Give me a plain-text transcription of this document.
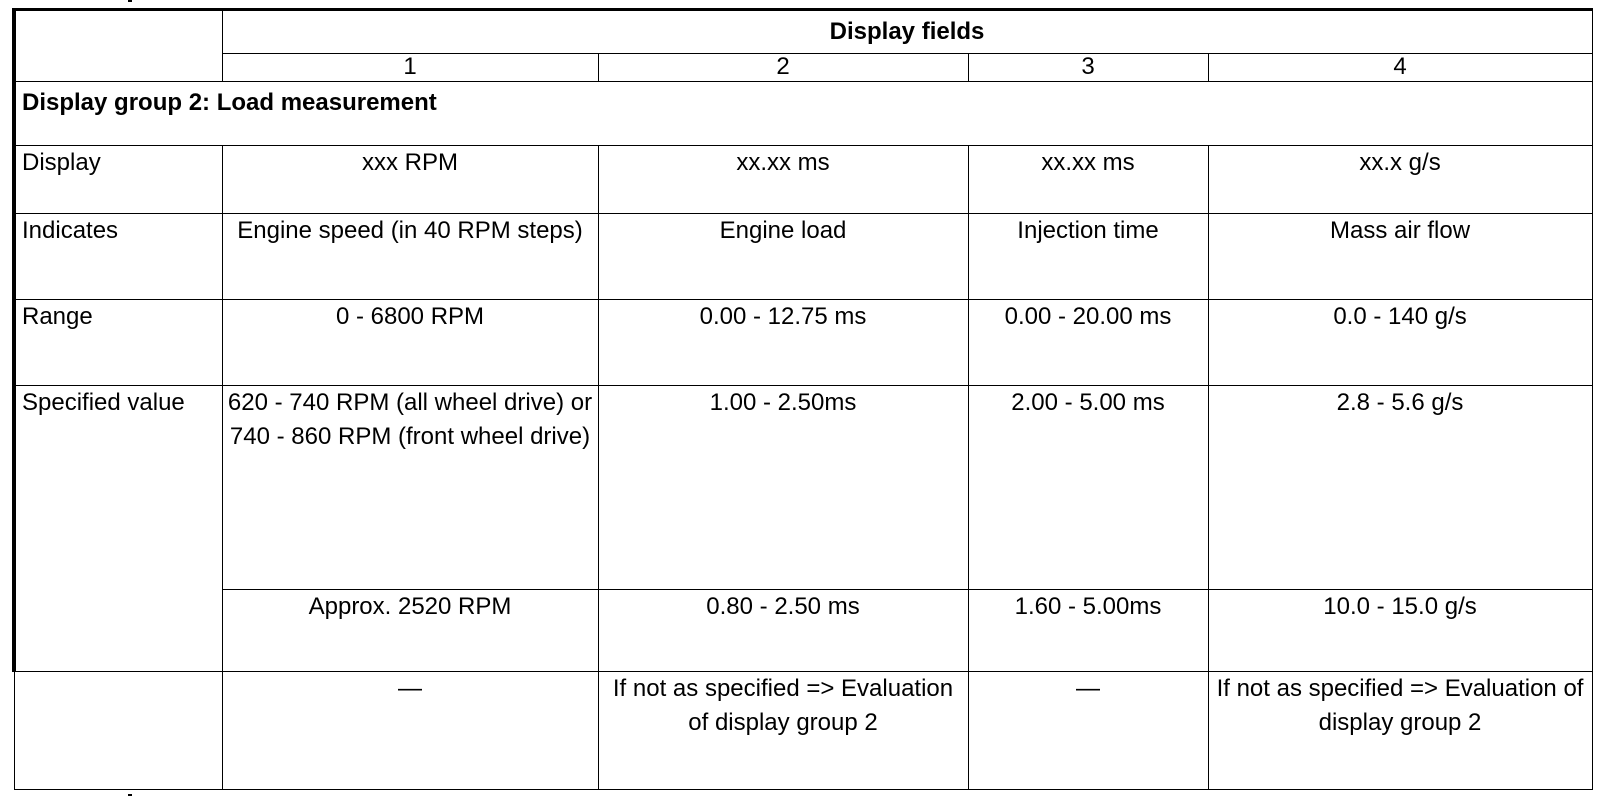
	Display fields			
	1	2	3	4
Display group 2: Load measurement				
Display	xxx RPM	xx.xx ms	xx.xx ms	xx.x g/s
Indicates	Engine speed (in 40 RPM steps)	Engine load	Injection time	Mass air flow
Range	0 - 6800 RPM	0.00 - 12.75 ms	0.00 - 20.00 ms	0.0 - 140 g/s
Specified value	620 - 740 RPM (all wheel drive) or 740 - 860 RPM (front wheel drive)	1.00 - 2.50ms	2.00 - 5.00 ms	2.8 - 5.6 g/s
	Approx. 2520 RPM	0.80 - 2.50 ms	1.60 - 5.00ms	10.0 - 15.0 g/s
	—	If not as specified => Evaluation of display group 2	—	If not as specified => Evaluation of display group 2
